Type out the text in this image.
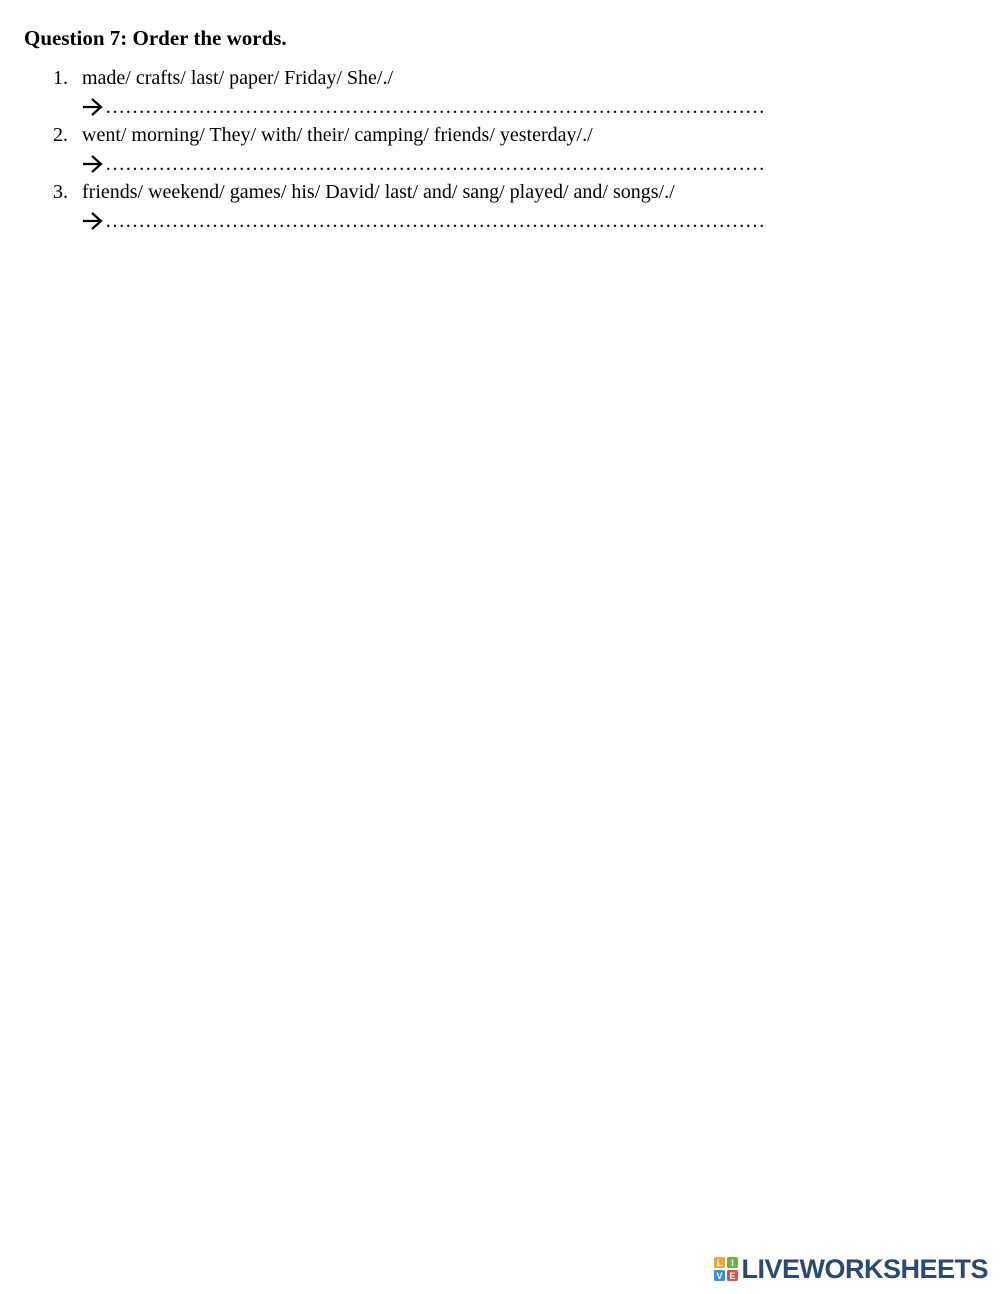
Question 7: Order the words.
1. made/ crafts/ last/ paper/ Friday/ She/./
………………………………………………………………………………………
2. went/ morning/ They/ with/ their/ camping/ friends/ yesterday/./
………………………………………………………………………………………
3. friends/ weekend/ games/ his/ David/ last/ and/ sang/ played/ and/ songs/./
………………………………………………………………………………………
L I
V E LIVEWORKSHEETS
